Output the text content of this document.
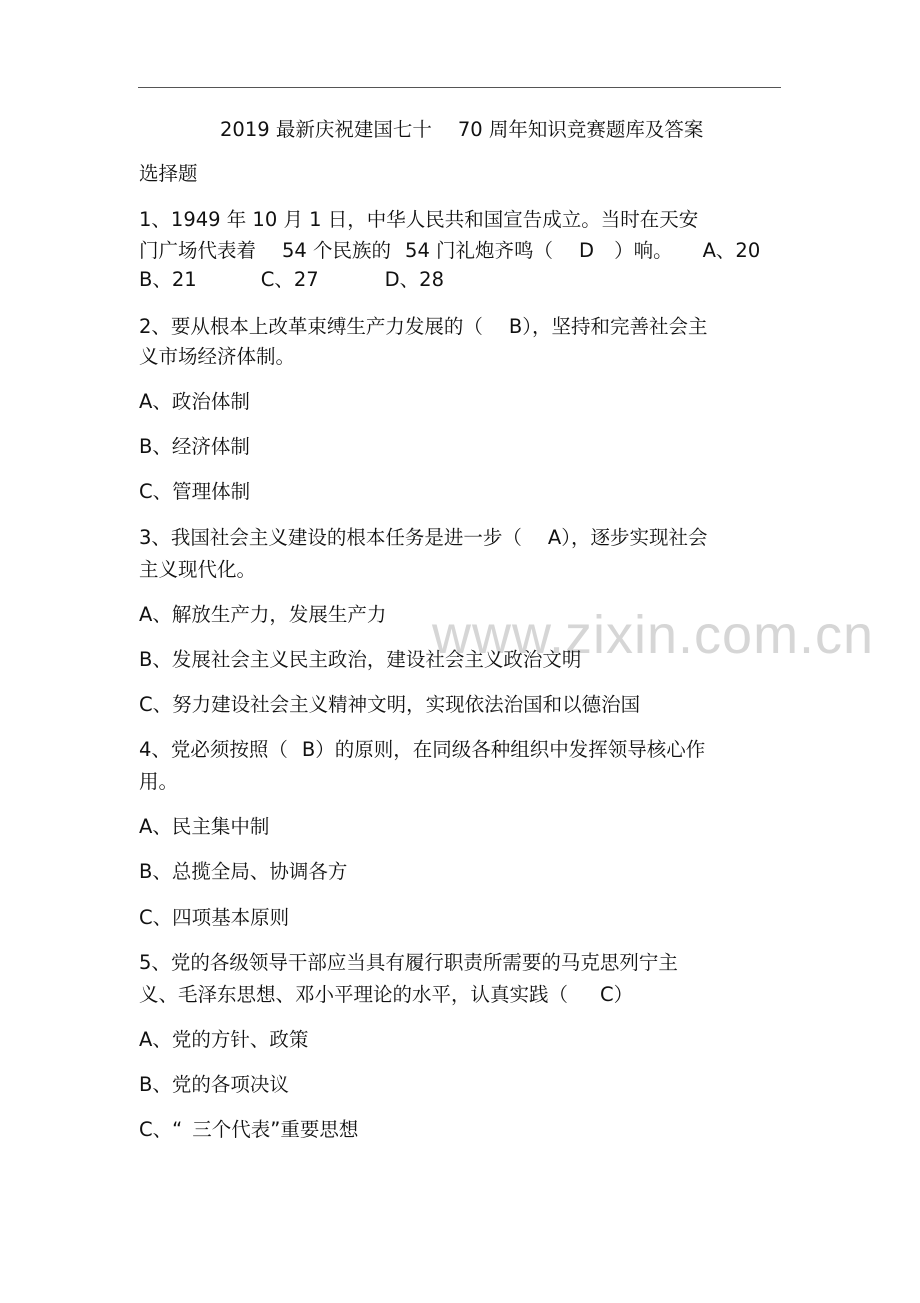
2019 最新庆祝建国七十 70 周年知识竞赛题库及答案
选择题
1、1949 年 10 月 1 日，中华人民共和国宣告成立。当时在天安
门广场代表着 54 个民族的 54 门礼炮齐鸣（ D ）响。 A、20
B、21	C、27	D、28
2、要从根本上改革束缚生产力发展的（ B），坚持和完善社会主
义市场经济体制。
A、政治体制
B、经济体制
C、管理体制
3、我国社会主义建设的根本任务是进一步（ A），逐步实现社会
主义现代化。
www.zixin.com.cn
A、解放生产力，发展生产力
B、发展社会主义民主政治，建设社会主义政治文明
C、努力建设社会主义精神文明，实现依法治国和以德治国
4、党必须按照（ B）的原则，在同级各种组织中发挥领导核心作
用。
A、民主集中制
B、总揽全局、协调各方
C、四项基本原则
5、党的各级领导干部应当具有履行职责所需要的马克思列宁主
义、毛泽东思想、邓小平理论的水平，认真实践（ C）
A、党的方针、政策
B、党的各项决议
C、“ 三个代表”重要思想
